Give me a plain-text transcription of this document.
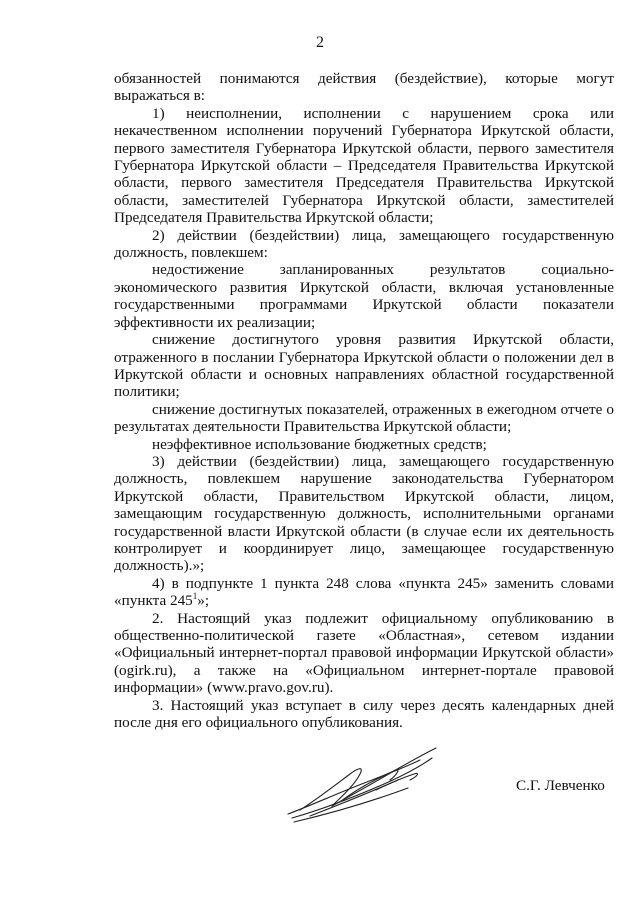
2

обязанностей понимаются действия (бездействие), которые могут выражаться в:

1) неисполнении, исполнении с нарушением срока или некачественном исполнении поручений Губернатора Иркутской области, первого заместителя Губернатора Иркутской области, первого заместителя Губернатора Иркутской области – Председателя Правительства Иркутской области, первого заместителя Председателя Правительства Иркутской области, заместителей Губернатора Иркутской области, заместителей Председателя Правительства Иркутской области;

2) действии (бездействии) лица, замещающего государственную должность, повлекшем:

недостижение запланированных результатов социально-экономического развития Иркутской области, включая установленные государственными программами Иркутской области показатели эффективности их реализации;

снижение достигнутого уровня развития Иркутской области, отраженного в послании Губернатора Иркутской области о положении дел в Иркутской области и основных направлениях областной государственной политики;

снижение достигнутых показателей, отраженных в ежегодном отчете о результатах деятельности Правительства Иркутской области;

неэффективное использование бюджетных средств;

3) действии (бездействии) лица, замещающего государственную должность, повлекшем нарушение законодательства Губернатором Иркутской области, Правительством Иркутской области, лицом, замещающим государственную должность, исполнительными органами государственной власти Иркутской области (в случае если их деятельность контролирует и координирует лицо, замещающее государственную должность).»;

4) в подпункте 1 пункта 248 слова «пункта 245» заменить словами «пункта $245^1$»;

2. Настоящий указ подлежит официальному опубликованию в общественно-политической газете «Областная», сетевом издании «Официальный интернет-портал правовой информации Иркутской области» (ogirk.ru), а также на «Официальном интернет-портале правовой информации» (www.pravo.gov.ru).

3. Настоящий указ вступает в силу через десять календарных дней после дня его официального опубликования.

С.Г. Левченко
